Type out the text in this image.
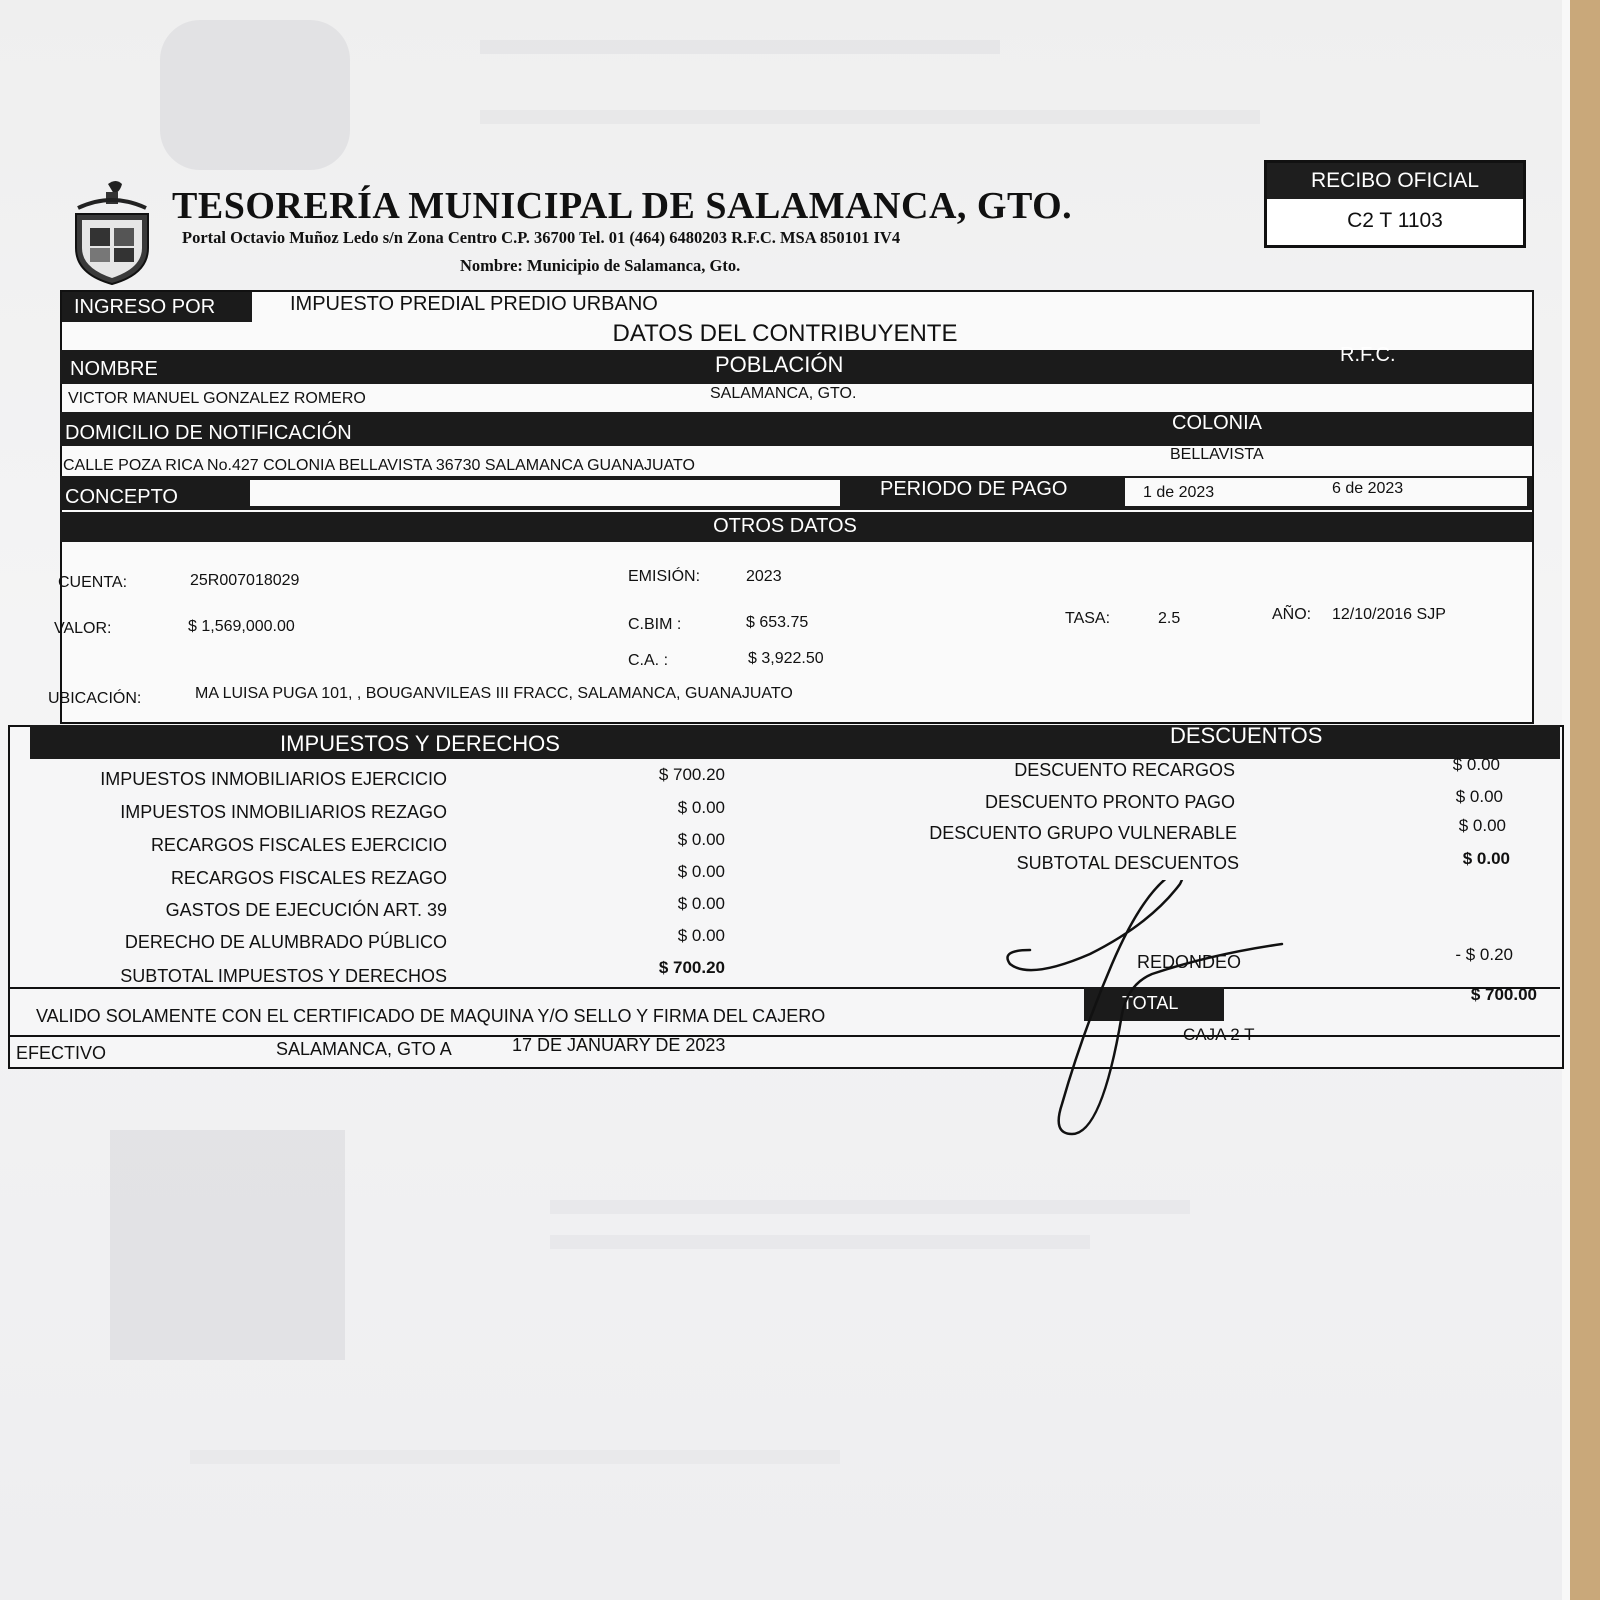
TESORERÍA MUNICIPAL DE SALAMANCA, GTO.
Portal Octavio Muñoz Ledo s/n Zona Centro C.P. 36700 Tel. 01 (464) 6480203 R.F.C. MSA 850101 IV4
Nombre: Municipio de Salamanca, Gto.
RECIBO OFICIAL
C2 T 1103
INGRESO POR	IMPUESTO PREDIAL PREDIO URBANO
DATOS DEL CONTRIBUYENTE
NOMBRE	POBLACIÓN	R.F.C.
VICTOR MANUEL GONZALEZ ROMERO	SALAMANCA, GTO.
DOMICILIO DE NOTIFICACIÓN	COLONIA
CALLE POZA RICA No.427 COLONIA BELLAVISTA 36730 SALAMANCA GUANAJUATO
BELLAVISTA
CONCEPTO	PERIODO DE PAGO	1 de 2023	6 de 2023
OTROS DATOS
CUENTA:	25R007018029	EMISIÓN:	2023
VALOR:	$ 1,569,000.00	C.BIM :	$ 653.75	TASA:	2.5	AÑO: 12/10/2016 SJP
C.A. :	$ 3,922.50
UBICACIÓN:	MA LUISA PUGA 101, , BOUGANVILEAS III FRACC, SALAMANCA, GUANAJUATO
IMPUESTOS Y DERECHOS	DESCUENTOS
IMPUESTOS INMOBILIARIOS EJERCICIO	$ 700.20
IMPUESTOS INMOBILIARIOS REZAGO	$ 0.00
RECARGOS FISCALES EJERCICIO	$ 0.00
RECARGOS FISCALES REZAGO	$ 0.00
GASTOS DE EJECUCIÓN ART. 39	$ 0.00
DERECHO DE ALUMBRADO PÚBLICO	$ 0.00
SUBTOTAL IMPUESTOS Y DERECHOS	$ 700.20
DESCUENTO RECARGOS	$ 0.00
DESCUENTO PRONTO PAGO	$ 0.00
DESCUENTO GRUPO VULNERABLE	$ 0.00
SUBTOTAL DESCUENTOS	$ 0.00
REDONDEO	- $ 0.20
VALIDO SOLAMENTE CON EL CERTIFICADO DE MAQUINA Y/O SELLO Y FIRMA DEL CAJERO
TOTAL	$ 700.00
EFECTIVO	SALAMANCA, GTO A	17 DE JANUARY DE 2023
CAJA 2 T
